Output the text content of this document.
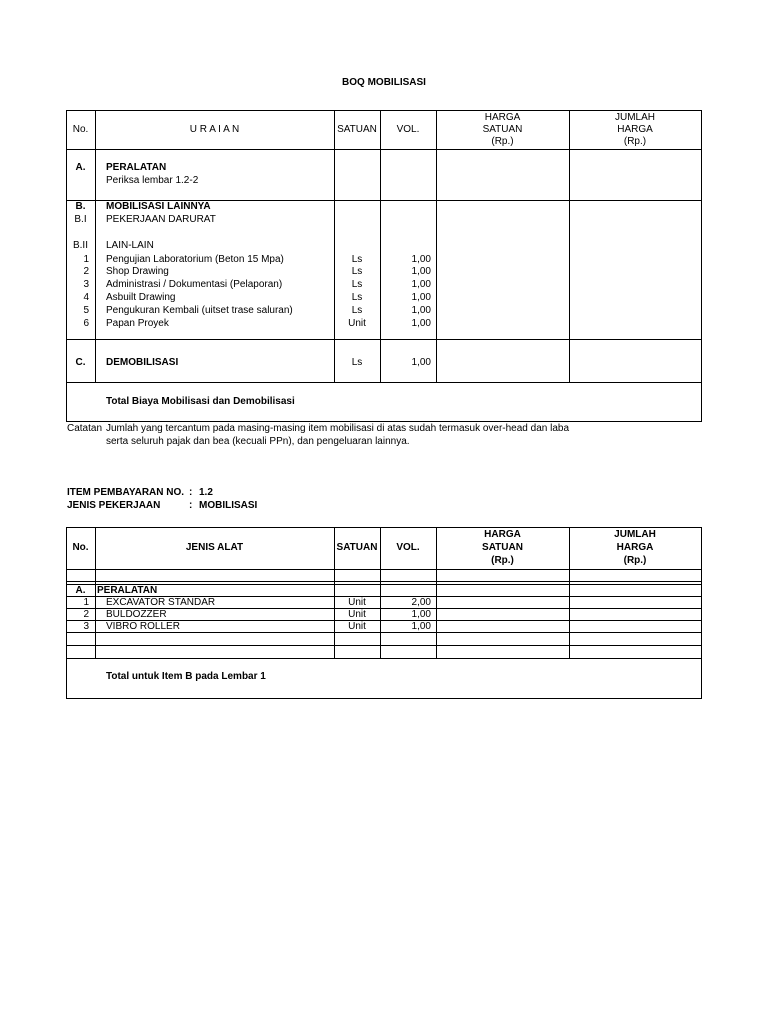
BOQ MOBILISASI
No.	U R A I A N	SATUAN	VOL.
HARGA
SATUAN
(Rp.)
JUMLAH
HARGA
(Rp.)
A.	PERALATAN
Periksa lembar 1.2-2
B.	MOBILISASI LAINNYA
B.I	PEKERJAAN DARURAT
B.II	LAIN-LAIN
1 Pengujian Laboratorium (Beton 15 Mpa)	Ls	1,00
2 Shop Drawing	Ls	1,00
3 Administrasi / Dokumentasi (Pelaporan)	Ls	1,00
4 Asbuilt Drawing	Ls	1,00
5 Pengukuran Kembali (uitset trase saluran)	Ls	1,00
6 Papan Proyek	Unit	1,00
C.	DEMOBILISASI	Ls	1,00
Total Biaya Mobilisasi dan Demobilisasi
Catatan Jumlah yang tercantum pada masing-masing item mobilisasi di atas sudah termasuk over-head dan laba
serta seluruh pajak dan bea (kecuali PPn), dan pengeluaran lainnya.
ITEM PEMBAYARAN NO. : 1.2
JENIS PEKERJAAN	: MOBILISASI
No.	JENIS ALAT	SATUAN	VOL.
HARGA
SATUAN
(Rp.)
JUMLAH
HARGA
(Rp.)
A.	PERALATAN
1 EXCAVATOR STANDAR	Unit	2,00
2 BULDOZZER	Unit	1,00
3 VIBRO ROLLER	Unit	1,00
Total untuk Item B pada Lembar 1
